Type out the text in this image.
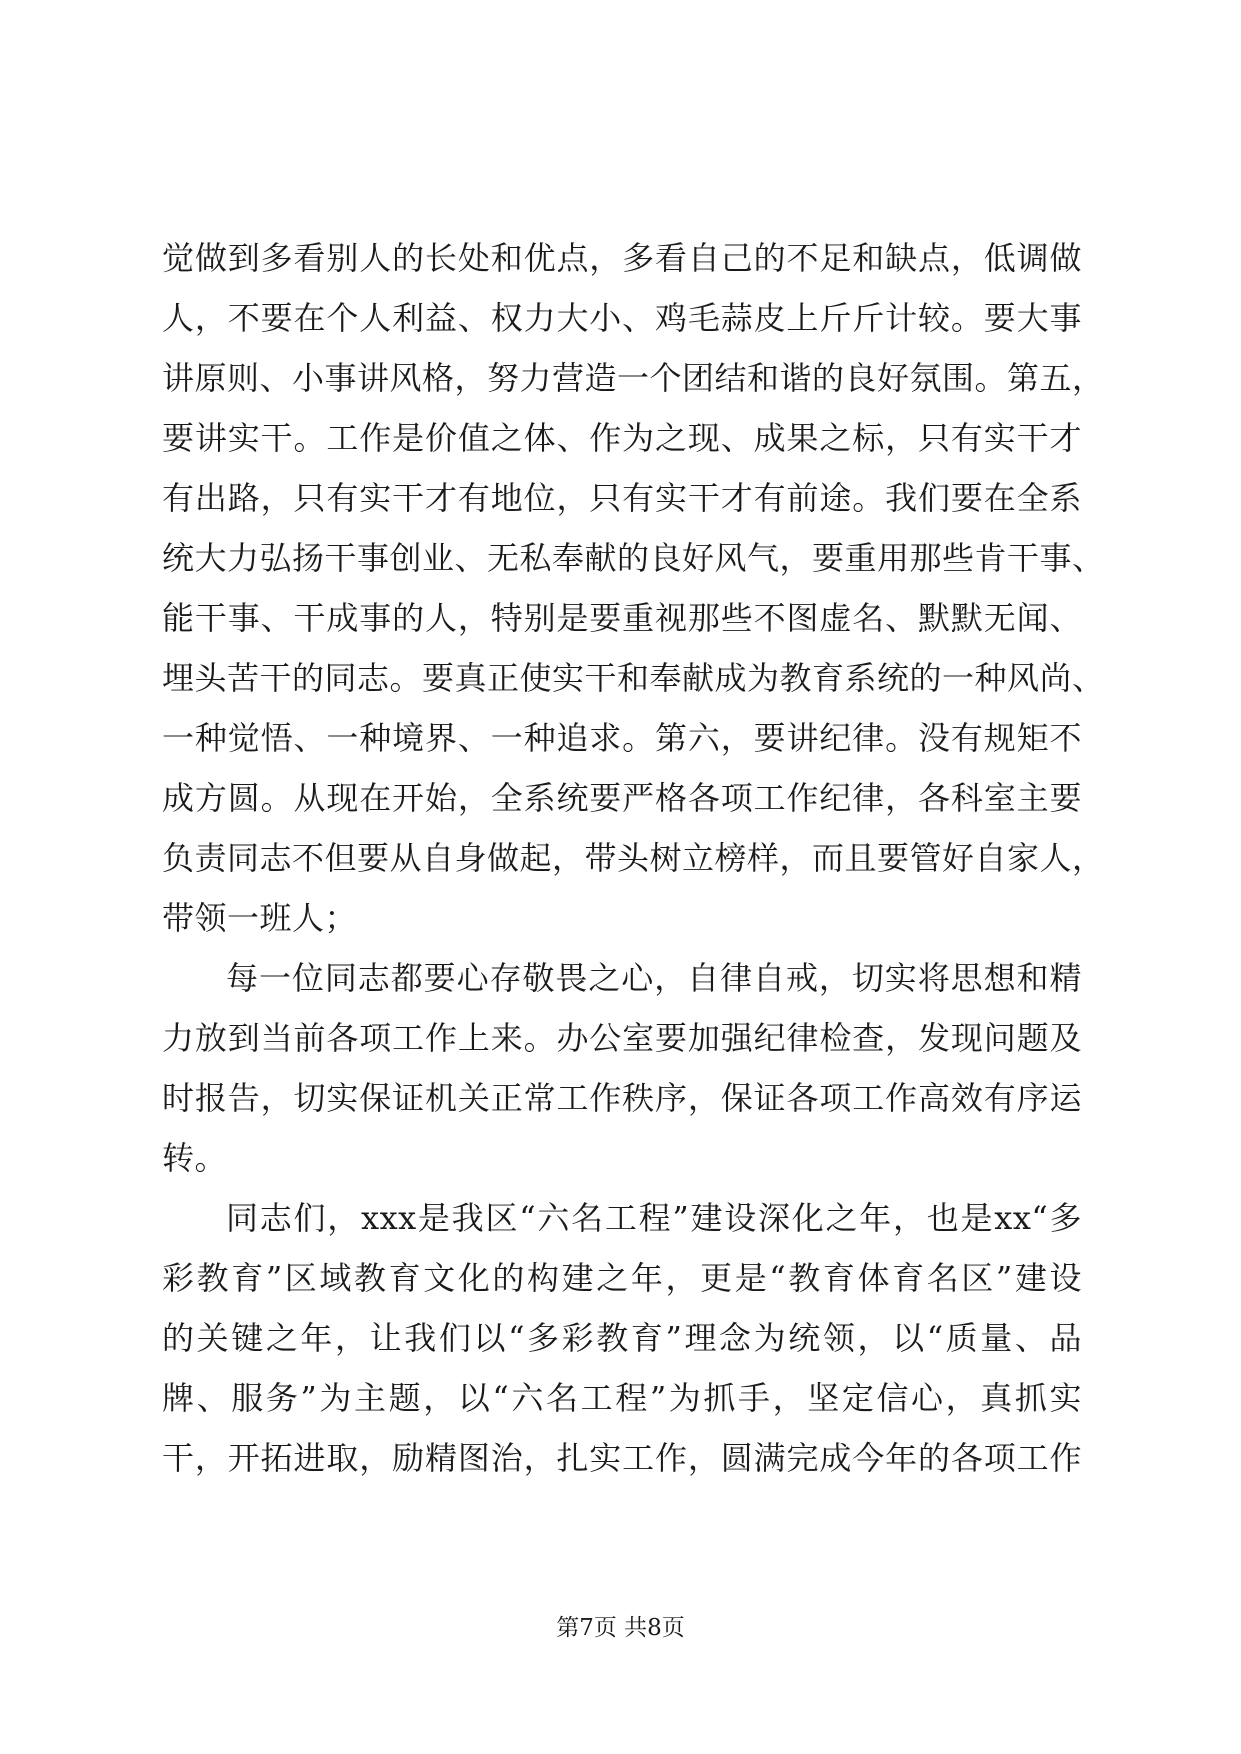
觉做到多看别人的长处和优点，多看自己的不足和缺点，低调做
人，不要在个人利益、权力大小、鸡毛蒜皮上斤斤计较。要大事
讲原则、小事讲风格，努力营造一个团结和谐的良好氛围。第五，
要讲实干。工作是价值之体、作为之现、成果之标，只有实干才
有出路，只有实干才有地位，只有实干才有前途。我们要在全系
统大力弘扬干事创业、无私奉献的良好风气，要重用那些肯干事、
能干事、干成事的人，特别是要重视那些不图虚名、默默无闻、
埋头苦干的同志。要真正使实干和奉献成为教育系统的一种风尚、
一种觉悟、一种境界、一种追求。第六，要讲纪律。没有规矩不
成方圆。从现在开始，全系统要严格各项工作纪律，各科室主要
负责同志不但要从自身做起，带头树立榜样，而且要管好自家人，
带领一班人；
每一位同志都要心存敬畏之心，自律自戒，切实将思想和精
力放到当前各项工作上来。办公室要加强纪律检查，发现问题及
时报告，切实保证机关正常工作秩序，保证各项工作高效有序运
转。
同志们，xxx是我区“六名工程”建设深化之年，也是xx“多
彩教育”区域教育文化的构建之年，更是“教育体育名区”建设
的关键之年，让我们以“多彩教育”理念为统领，以“质量、品
牌、服务”为主题，以“六名工程”为抓手，坚定信心，真抓实
干，开拓进取，励精图治，扎实工作，圆满完成今年的各项工作
第7页 共8页
